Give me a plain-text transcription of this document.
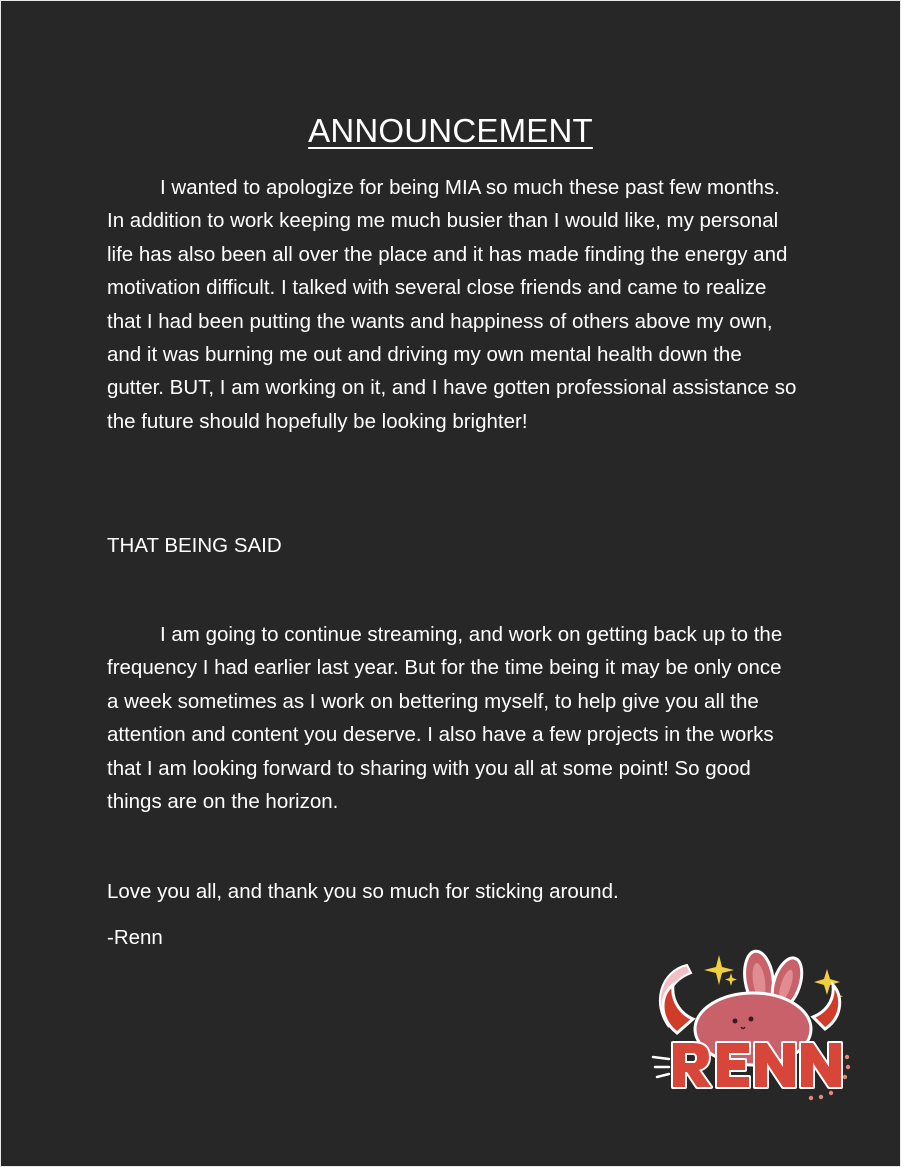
ANNOUNCEMENT

I wanted to apologize for being MIA so much these past few months. In addition to work keeping me much busier than I would like, my personal life has also been all over the place and it has made finding the energy and motivation difficult. I talked with several close friends and came to realize that I had been putting the wants and happiness of others above my own, and it was burning me out and driving my own mental health down the gutter. BUT, I am working on it, and I have gotten professional assistance so the future should hopefully be looking brighter!

THAT BEING SAID

I am going to continue streaming, and work on getting back up to the frequency I had earlier last year. But for the time being it may be only once a week sometimes as I work on bettering myself, to help give you all the attention and content you deserve. I also have a few projects in the works that I am looking forward to sharing with you all at some point! So good things are on the horizon.

Love you all, and thank you so much for sticking around.

-Renn
